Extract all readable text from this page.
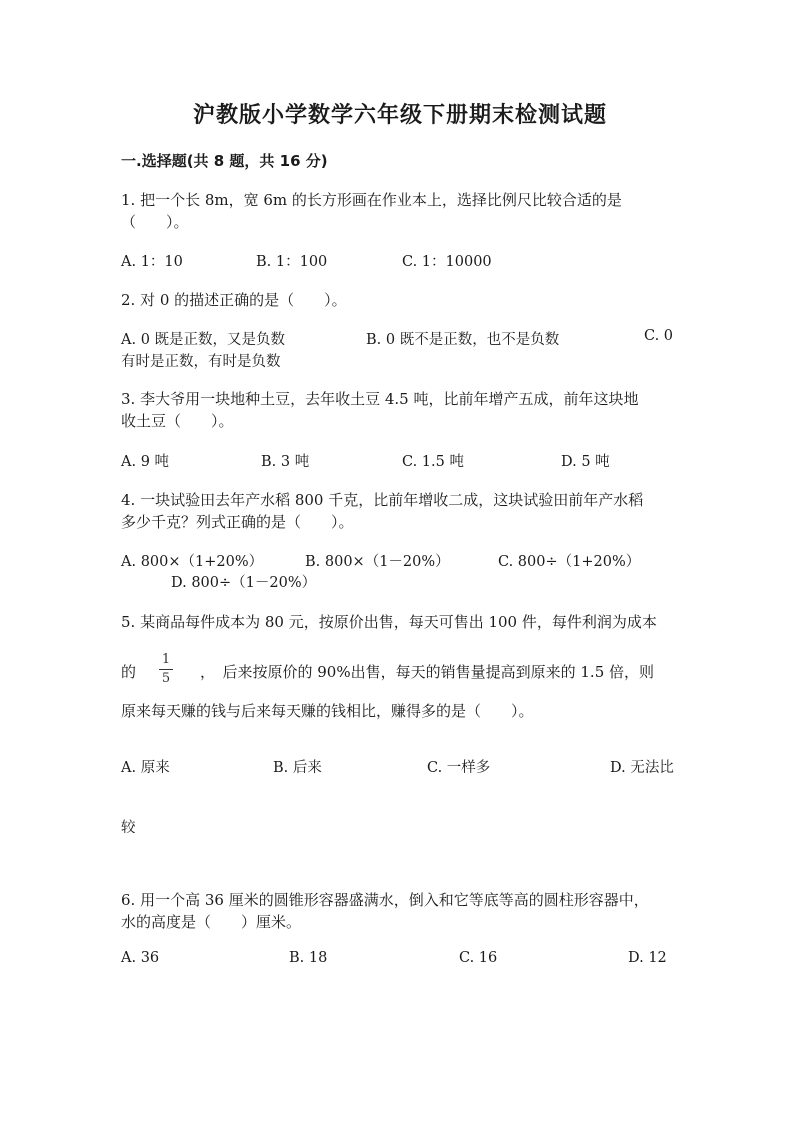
沪教版小学数学六年级下册期末检测试题
一.选择题(共 8 题，共 16 分)
1. 把一个长 8m，宽 6m 的长方形画在作业本上，选择比例尺比较合适的是
（　　）。
A. 1：10	B. 1：100	C. 1：10000
2. 对 0 的描述正确的是（　　）。
A. 0 既是正数，又是负数	B. 0 既不是正数，也不是负数	C. 0
有时是正数，有时是负数
3. 李大爷用一块地种土豆，去年收土豆 4.5 吨，比前年增产五成，前年这块地
收土豆（　　）。
A. 9 吨	B. 3 吨	C. 1.5 吨	D. 5 吨
4. 一块试验田去年产水稻 800 千克，比前年增收二成，这块试验田前年产水稻
多少千克？列式正确的是（　　）。
A. 800×（1+20%）	B. 800×（1－20%）	C. 800÷（1+20%）
D. 800÷（1－20%）
5. 某商品每件成本为 80 元，按原价出售，每天可售出 100 件，每件利润为成本
的
1
5 ，　后来按原价的 90%出售，每天的销售量提高到原来的 1.5 倍，则
原来每天赚的钱与后来每天赚的钱相比，赚得多的是（　　）。
A. 原来	B. 后来	C. 一样多	D. 无法比
较
6. 用一个高 36 厘米的圆锥形容器盛满水，倒入和它等底等高的圆柱形容器中，
水的高度是（　　）厘米。
A. 36	B. 18	C. 16	D. 12
